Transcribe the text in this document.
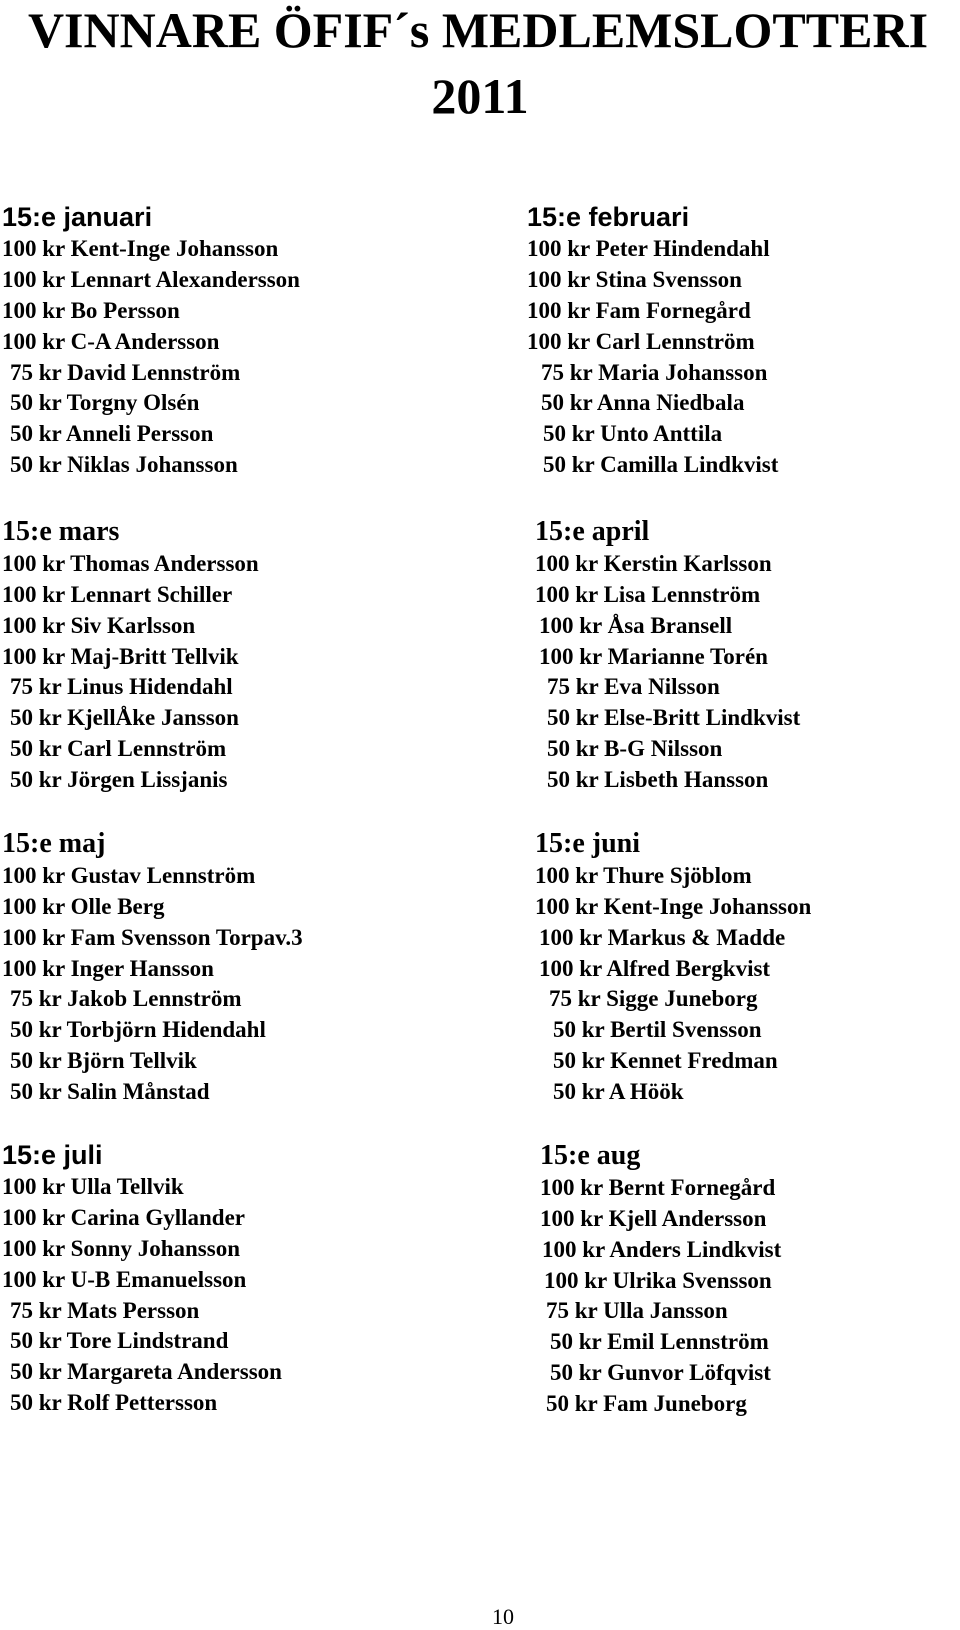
VINNARE ÖFIF´s MEDLEMSLOTTERI
2011
15:e januari
100 kr Kent-Inge Johansson
100 kr Lennart Alexandersson
100 kr Bo Persson
100 kr C-A Andersson
75 kr David Lennström
50 kr Torgny Olsén
50 kr Anneli Persson
50 kr Niklas Johansson
15:e februari
100 kr Peter Hindendahl
100 kr Stina Svensson
100 kr Fam Fornegård
100 kr Carl Lennström
75 kr Maria Johansson
50 kr Anna Niedbala
50 kr Unto Anttila
50 kr Camilla Lindkvist
15:e mars
100 kr Thomas Andersson
100 kr Lennart Schiller
100 kr Siv Karlsson
100 kr Maj-Britt Tellvik
75 kr Linus Hidendahl
50 kr KjellÅke Jansson
50 kr Carl Lennström
50 kr Jörgen Lissjanis
15:e april
100 kr Kerstin Karlsson
100 kr Lisa Lennström
100 kr Åsa Bransell
100 kr Marianne Torén
75 kr Eva Nilsson
50 kr Else-Britt Lindkvist
50 kr B-G Nilsson
50 kr Lisbeth Hansson
15:e maj
100 kr Gustav Lennström
100 kr Olle Berg
100 kr Fam Svensson Torpav.3
100 kr Inger Hansson
75 kr Jakob Lennström
50 kr Torbjörn Hidendahl
50 kr Björn Tellvik
50 kr Salin Månstad
15:e juni
100 kr Thure Sjöblom
100 kr Kent-Inge Johansson
100 kr Markus & Madde
100 kr Alfred Bergkvist
75 kr Sigge Juneborg
50 kr Bertil Svensson
50 kr Kennet Fredman
50 kr A Höök
15:e juli
100 kr Ulla Tellvik
100 kr Carina Gyllander
100 kr Sonny Johansson
100 kr U-B Emanuelsson
75 kr Mats Persson
50 kr Tore Lindstrand
50 kr Margareta Andersson
50 kr Rolf Pettersson
15:e aug
100 kr Bernt Fornegård
100 kr Kjell Andersson
100 kr Anders Lindkvist
100 kr Ulrika Svensson
75 kr Ulla Jansson
50 kr Emil Lennström
50 kr Gunvor Löfqvist
50 kr Fam Juneborg
10
